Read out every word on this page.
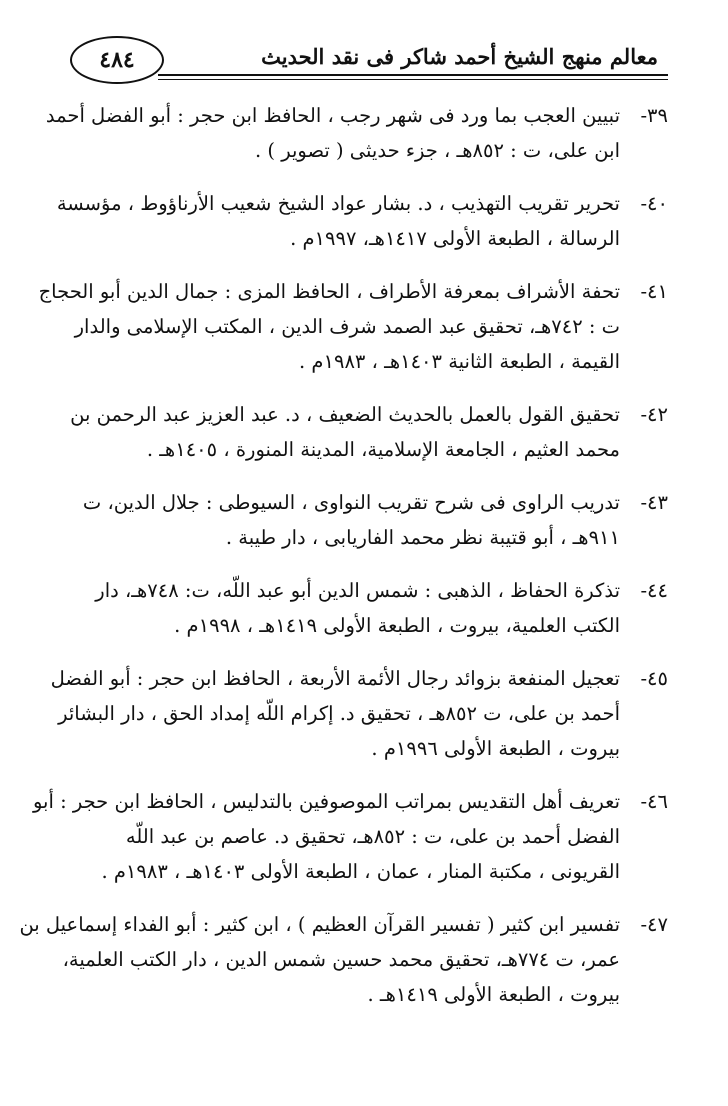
معالم منهج الشيخ أحمد شاكر فى نقد الحديث
٤٨٤
٣٩-
تبيين العجب بما ورد فى شهر رجب ، الحافظ ابن حجر : أبو الفضل أحمد
ابن على، ت : ٨٥٢هـ ، جزء حديثى ( تصوير ) .
٤٠-
تحرير تقريب التهذيب ، د. بشار عواد الشيخ شعيب الأرناؤوط ، مؤسسة
الرسالة ، الطبعة الأولى ١٤١٧هـ، ١٩٩٧م .
٤١-
تحفة الأشراف بمعرفة الأطراف ، الحافظ المزى : جمال الدين أبو الحجاج
ت : ٧٤٢هـ، تحقيق عبد الصمد شرف الدين ، المكتب الإسلامى والدار
القيمة ، الطبعة الثانية ١٤٠٣هـ ، ١٩٨٣م .
٤٢-
تحقيق القول بالعمل بالحديث الضعيف ، د. عبد العزيز عبد الرحمن بن
محمد العثيم ، الجامعة الإسلامية، المدينة المنورة ، ١٤٠٥هـ .
٤٣-
تدريب الراوى فى شرح تقريب النواوى ، السيوطى : جلال الدين، ت
٩١١هـ ، أبو قتيبة نظر محمد الفاريابى ، دار طيبة .
٤٤-
تذكرة الحفاظ ، الذهبى : شمس الدين أبو عبد اللّه، ت: ٧٤٨هـ، دار
الكتب العلمية، بيروت ، الطبعة الأولى ١٤١٩هـ ، ١٩٩٨م .
٤٥-
تعجيل المنفعة بزوائد رجال الأئمة الأربعة ، الحافظ ابن حجر : أبو الفضل
أحمد بن على، ت ٨٥٢هـ ، تحقيق د. إكرام اللّه إمداد الحق ، دار البشائر
بيروت ، الطبعة الأولى ١٩٩٦م .
٤٦-
تعريف أهل التقديس بمراتب الموصوفين بالتدليس ، الحافظ ابن حجر : أبو
الفضل أحمد بن على، ت : ٨٥٢هـ، تحقيق د. عاصم بن عبد اللّه
القريونى ، مكتبة المنار ، عمان ، الطبعة الأولى ١٤٠٣هـ ، ١٩٨٣م .
٤٧-
تفسير ابن كثير ( تفسير القرآن العظيم ) ، ابن كثير : أبو الفداء إسماعيل بن
عمر، ت ٧٧٤هـ، تحقيق محمد حسين شمس الدين ، دار الكتب العلمية،
بيروت ، الطبعة الأولى ١٤١٩هـ .
